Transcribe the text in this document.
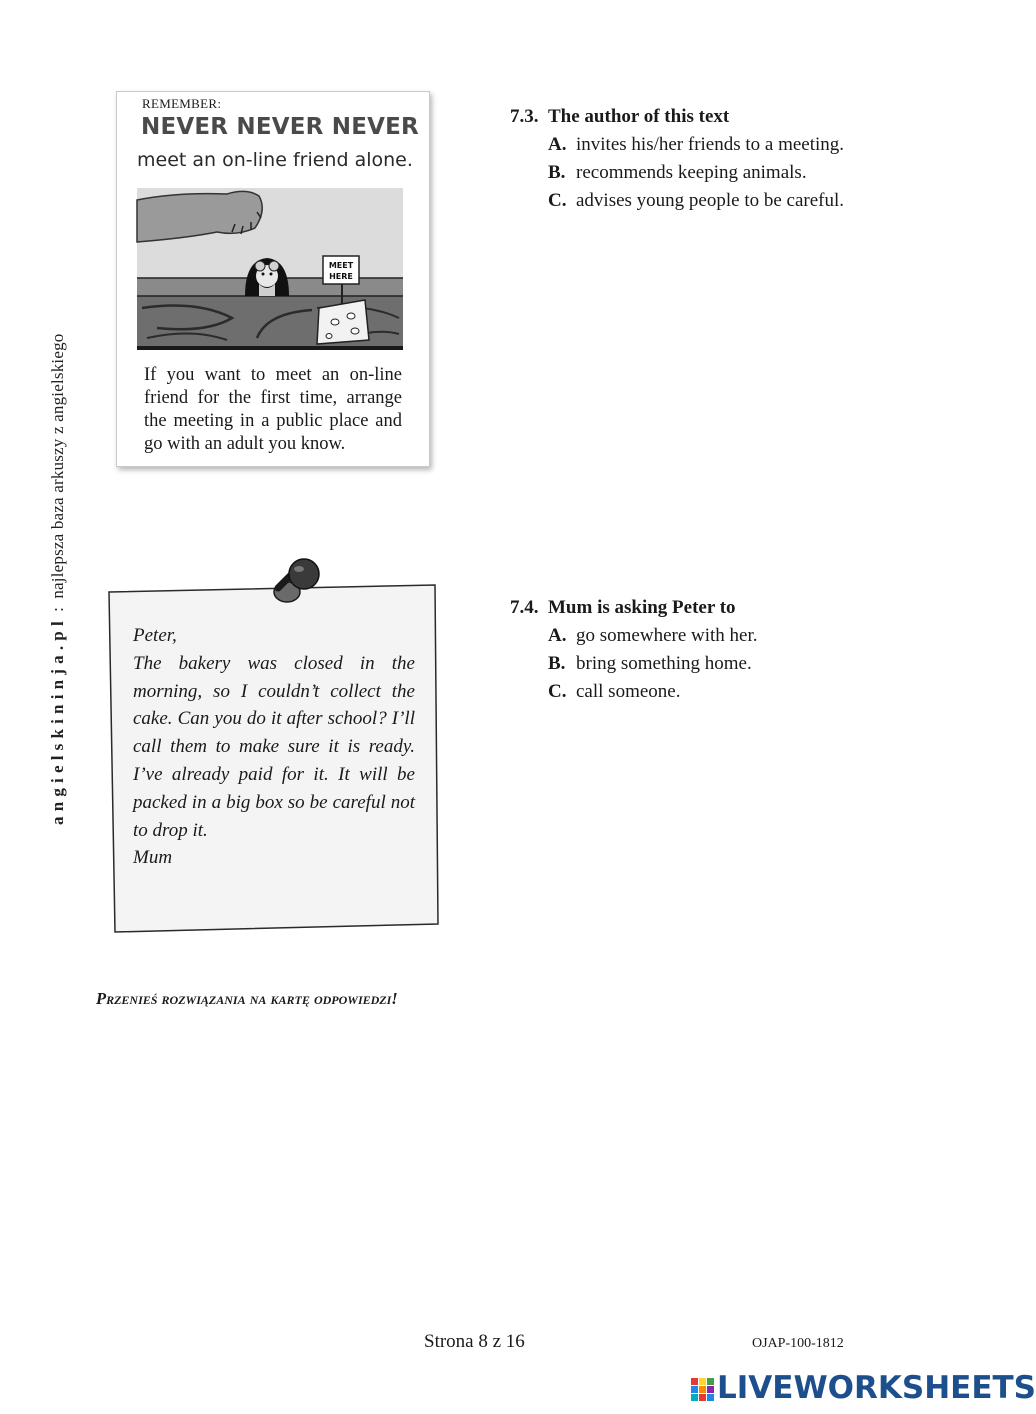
angielskininja.pl :  najlepsza baza arkuszy z angielskiego
REMEMBER:
NEVER NEVER NEVER
meet an on-line friend alone.
MEET
HERE
If you want to meet an on-line friend for the first time, arrange the meeting in a public place and go with an adult you know.
7.3. The author of this text
A. invites his/her friends to a meeting.
B. recommends keeping animals.
C. advises young people to be careful.
Peter,
The bakery was closed in the morning, so I couldn’t collect the cake. Can you do it after school? I’ll call them to make sure it is ready. I’ve already paid for it. It will be packed in a big box so be careful not to drop it.
Mum
7.4. Mum is asking Peter to
A. go somewhere with her.
B. bring something home.
C. call someone.
Przenieś rozwiązania na kartę odpowiedzi!
Strona 8 z 16	OJAP-100-1812
LIVEWORKSHEETS
